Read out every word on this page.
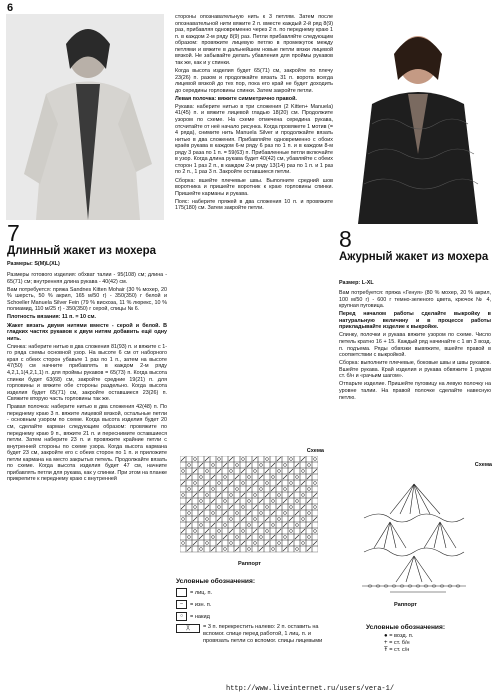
6
7
Длинный жакет из мохера
Размеры: S(M)L(XL)

Размеры готового изделия: обхват талии - 95(108) см; длина - 65(71) см; внутренняя длина рукава - 40(42) см.

Вам потребуется: пряжа Sandnes Kitten Mohair (30 % мохер, 20 % шерсть, 50 % акрил, 165 м/50 г) - 350(350) г белой и Schoeller Manuela Silver Fein (79 % вискоза, 11 % люрекс, 10 % полиамид, 110 м/25 г) - 350(350) г серой, спицы № 6.

Плотность вязания: 11 п. = 10 см.

Жакет вязать двумя нитями вместе - серой и белой. В гладких частях рукавов к двум нитям добавить ещё одну нить.

Спинка: наберите нитью в два сложения 81(93) п. и вяжите с 1-го ряда схемы основной узор. На высоте 6 см от наборного края с обеих сторон убавьте 1 раз по 1 п., затем на высоте 47(50) см начните прибавлять в каждом 2-м ряду 4,2,1,1(4,2,1,1) п. для проймы рукавов = 65(73) п. Когда высота спинки будет 63(68) см, закройте средние 19(21) п. для горловины и вяжите обе стороны раздельно. Когда высота изделия будет 65(71) см, закройте оставшиеся 23(26) п. Свяжите вторую часть горловины так же.

Правая полочка: наберите нитью в два сложения 42(48) п. По переднему краю 3 п. вяжите лицевой вязкой, остальные петли - основным узором по схеме. Когда высота изделия будет 20 см, сделайте карман следующим образом: провяжите по переднему краю 9 п., вяжите 21 п. и переснимите оставшиеся петли. Затем наберите 23 п. и провяжите крайние петли с внутренней стороны по схеме узора. Когда высота кармана будет 23 см, закройте его с обеих сторон по 1 п. и приложите петли кармана на место закрытых петель. Продолжайте вязать по схеме. Когда высота изделия будет 47 см, начните прибавлять петли для рукава, как у спинки. При этом на планке прикрепите к переднему краю с внутренней

стороны опознавательную нить к 3 петлям. Затем после опознавательной нити вяжите 2 п. вместе каждый 2-й ряд 8(9) раз, прибавляя одновременно через 2 п. по переднему краю 1 п. в каждом 2-м ряду 8(9) раз. Петли прибавляйте следующим образом: провяжите лицевую петлю в промежуток между петлями и вяжите в дальнейшем новые петли вязки лицевой вязкой. Не забывайте делать убавления для проймы рукавов так же, как и у спинки.

Когда высота изделия будет 65(71) см, закройте по плечу 23(26) п. разом и продолжайте вязать 31 п. ворота всегда лицевой вязкой до тех пор, пока его край не будет доходить до середины горловины спинки. Затем закройте петли.

Левая полочка: вяжите симметрично правой.

Рукава: наберите нитью в три сложения (2 Kitten+ Manuela) 41(45) п. и вяжите лицевой гладью 18(20) см. Продолжите узором по схеме. На схеме отмечена середина рукава, отсчитайте от неё начало рисунка. Когда провяжете 1 мотив (= 4 ряда), снимите нить Manuela Silver и продолжайте вязать нитью в два сложения. Прибавляйте одновременно с обоих краёв рукава в каждом 6-м ряду 6 раз по 1 п. и в каждом 8-м ряду 3 раза по 1 п. = 59(63) п. Прибавленные петли включайте в узор. Когда длина рукава будет 40(42) см, убавляйте с обеих сторон 1 раз 2 п., в каждом 2-м ряду 13(14) раз по 1 п. и 1 раз по 2 п., 1 раз 3 п. Закройте оставшиеся петли.

Сборка: вшейте плечевые швы. Выполните средний шов воротника и пришейте воротник к краю горловины спинки. Пришейте карманы и рукава.

Пояс: наберите пряжей в два сложения 10 п. и провяжите 175(180) см. Затем закройте петли.

Схема
Раппорт
Условные обозначения:
= лиц. п.
– = изн. п.
○ = накид
╳	= 3 п. перекрестить налево: 2 п. оставить на вспомог. спице перед работой, 1 лиц. п. и провязать петли со вспомог. спицы лицевыми
8
Ажурный жакет из мохера
Размер: L-XL

Вам потребуется: пряжа «Генуя» (80 % мохер, 20 % акрил, 100 м/50 г) - 600 г темно-зеленого цвета, крючок № 4, крупная пуговица.

Перед началом работы сделайте выкройку в натуральную величину и в процессе работы прикладывайте изделие к выкройке.

Спинку, полочки и рукава вяжите узором по схеме. Число петель кратно 16 + 15. Каждый ряд начинайте с 1 вп 3 возд. п. подъема. Ряды обвязки вывяжите, вшейте правой в соответствии с выкройкой.

Сборка: выполните плечевые, боковые швы и швы рукавов. Вшейте рукава. Край изделия и рукава обвяжите 1 рядом ст. б/н и «рачьим шагом».

Отпарьте изделие. Пришейте пуговицу на левую полочку на уровне талии. На правой полочке сделайте навесную петлю.

Схема
Раппорт
Условные обозначения:
● = возд. п.
+ = ст. б/н
Ŧ = ст. с/н
http://www.liveinternet.ru/users/vera-1/
